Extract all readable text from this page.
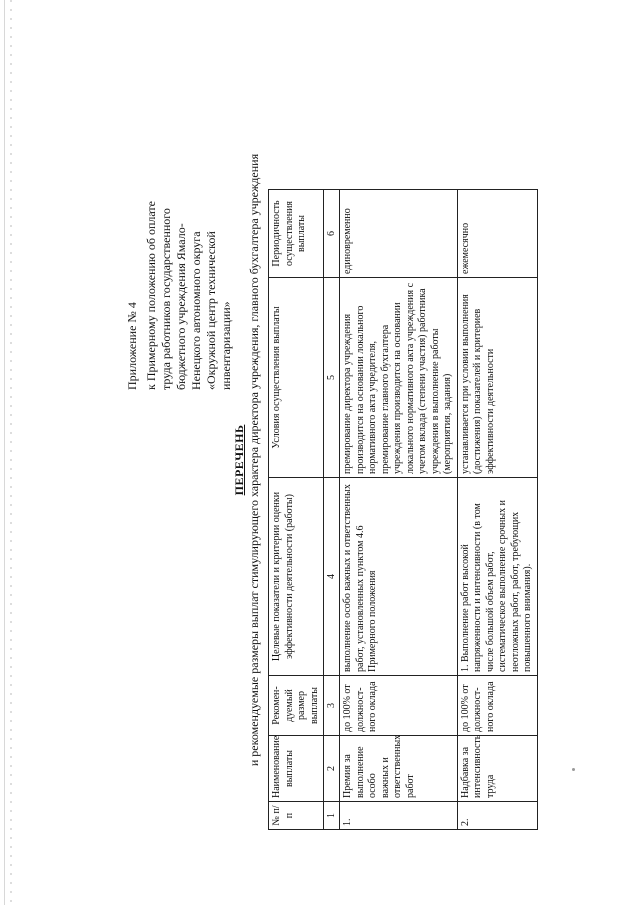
Приложение № 4 к Примерному положению об оплате труда работников государственного бюджетного учреждения Ямало- Ненецкого автономного округа «Окружной центр технической инвентаризации»
ПЕРЕЧЕНЬ и рекомендуемые размеры выплат стимулирующего характера директора учреждения, главного бухгалтера учреждения
№ п/п	Наименование выплаты	Рекомен-дуемый размер выплаты	Целевые показатели и критерии оценки эффективности деятельности (работы)	Условия осуществления выплаты	Периодичность осуществления выплаты
1	2	3	4	5	6
1.	Премия за выполнение особо важных и ответственных работ	до 100% от должност-ного оклада	выполнение особо важных и ответственных работ, установленных пунктом 4.6 Примерного положения	премирование директора учреждения производится на основании локального нормативного акта учредителя, премирование главного бухгалтера учреждения производится на основании локального нормативного акта учреждения с учетом вклада (степени участия) работника учреждения в выполнение работы (мероприятия, задания)	единовременно
2.	Надбавка за интенсивность труда	до 100% от должност-ного оклада	1. Выполнение работ высокой напряженности и интенсивности (в том числе большой объем работ, систематическое выполнение срочных и неотложных работ, работ, требующих повышенного внимания).	устанавливается при условии выполнения (достижения) показателей и критериев эффективности деятельности	ежемесячно
